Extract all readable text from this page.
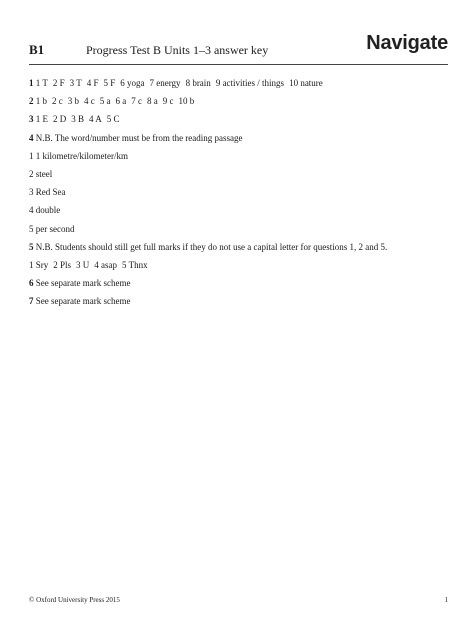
B1	Progress Test B Units 1–3 answer key	Navigate
1 1 T 2 F 3 T 4 F 5 F 6 yoga 7 energy 8 brain 9 activities / things 10 nature
2 1 b 2 c 3 b 4 c 5 a 6 a 7 c 8 a 9 c 10 b
3 1 E 2 D 3 B 4 A 5 C
4 N.B. The word/number must be from the reading passage
1 1 kilometre/kilometer/km
2 steel
3 Red Sea
4 double
5 per second
5 N.B. Students should still get full marks if they do not use a capital letter for questions 1, 2 and 5.
1 Sry 2 Pls 3 U 4 asap 5 Thnx
6 See separate mark scheme
7 See separate mark scheme
© Oxford University Press 2015	1
